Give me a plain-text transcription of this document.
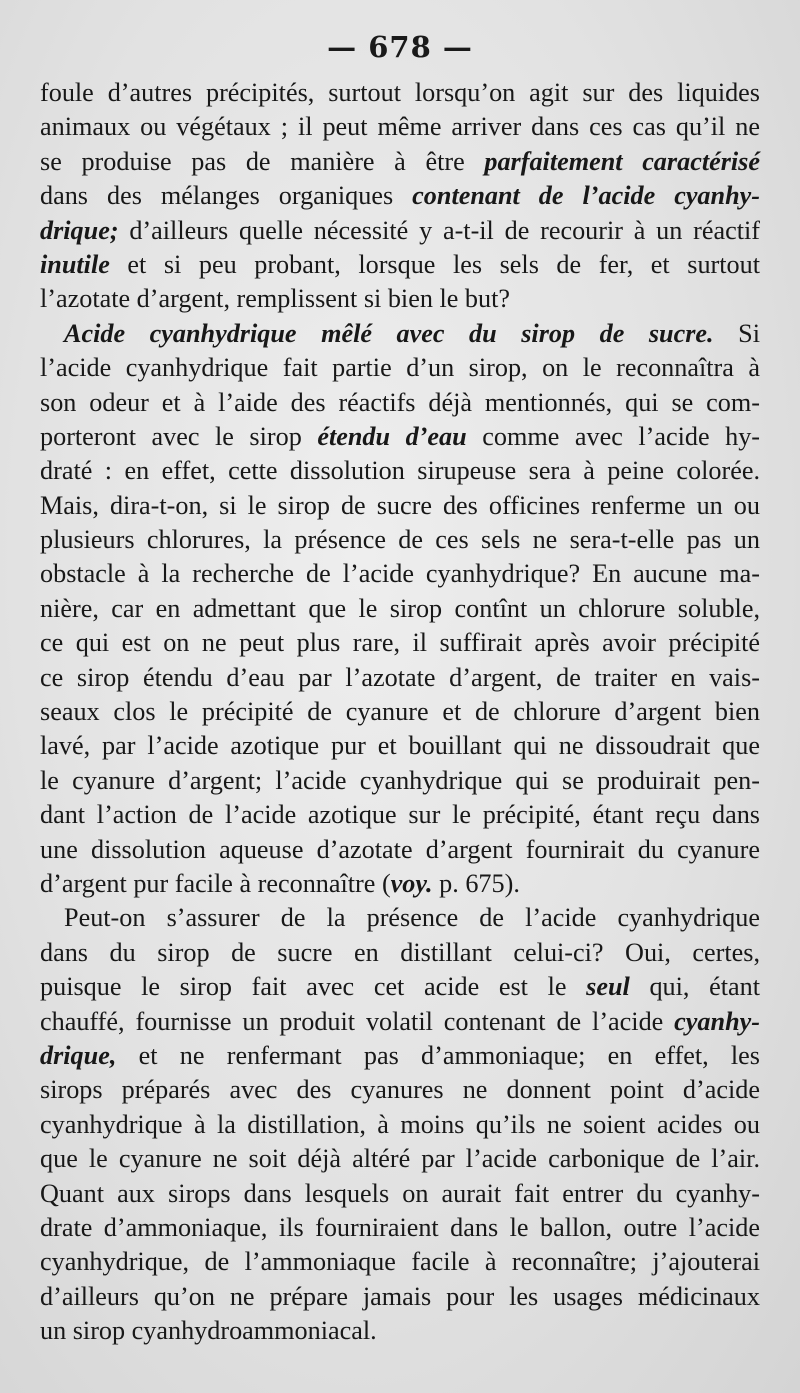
— 678 —
foule d’autres précipités, surtout lorsqu’on agit sur des liquides
animaux ou végétaux ; il peut même arriver dans ces cas qu’il ne
se produise pas de manière à être parfaitement caractérisé
dans des mélanges organiques contenant de l’acide cyanhy-
drique; d’ailleurs quelle nécessité y a-t-il de recourir à un réactif
inutile et si peu probant, lorsque les sels de fer, et surtout
l’azotate d’argent, remplissent si bien le but?
Acide cyanhydrique mêlé avec du sirop de sucre. Si
l’acide cyanhydrique fait partie d’un sirop, on le reconnaîtra à
son odeur et à l’aide des réactifs déjà mentionnés, qui se com-
porteront avec le sirop étendu d’eau comme avec l’acide hy-
draté : en effet, cette dissolution sirupeuse sera à peine colorée.
Mais, dira-t-on, si le sirop de sucre des officines renferme un ou
plusieurs chlorures, la présence de ces sels ne sera-t-elle pas un
obstacle à la recherche de l’acide cyanhydrique? En aucune ma-
nière, car en admettant que le sirop contînt un chlorure soluble,
ce qui est on ne peut plus rare, il suffirait après avoir précipité
ce sirop étendu d’eau par l’azotate d’argent, de traiter en vais-
seaux clos le précipité de cyanure et de chlorure d’argent bien
lavé, par l’acide azotique pur et bouillant qui ne dissoudrait que
le cyanure d’argent; l’acide cyanhydrique qui se produirait pen-
dant l’action de l’acide azotique sur le précipité, étant reçu dans
une dissolution aqueuse d’azotate d’argent fournirait du cyanure
d’argent pur facile à reconnaître (voy. p. 675).
Peut-on s’assurer de la présence de l’acide cyanhydrique
dans du sirop de sucre en distillant celui-ci? Oui, certes,
puisque le sirop fait avec cet acide est le seul qui, étant
chauffé, fournisse un produit volatil contenant de l’acide cyanhy-
drique, et ne renfermant pas d’ammoniaque; en effet, les
sirops préparés avec des cyanures ne donnent point d’acide
cyanhydrique à la distillation, à moins qu’ils ne soient acides ou
que le cyanure ne soit déjà altéré par l’acide carbonique de l’air.
Quant aux sirops dans lesquels on aurait fait entrer du cyanhy-
drate d’ammoniaque, ils fourniraient dans le ballon, outre l’acide
cyanhydrique, de l’ammoniaque facile à reconnaître; j’ajouterai
d’ailleurs qu’on ne prépare jamais pour les usages médicinaux
un sirop cyanhydroammoniacal.
